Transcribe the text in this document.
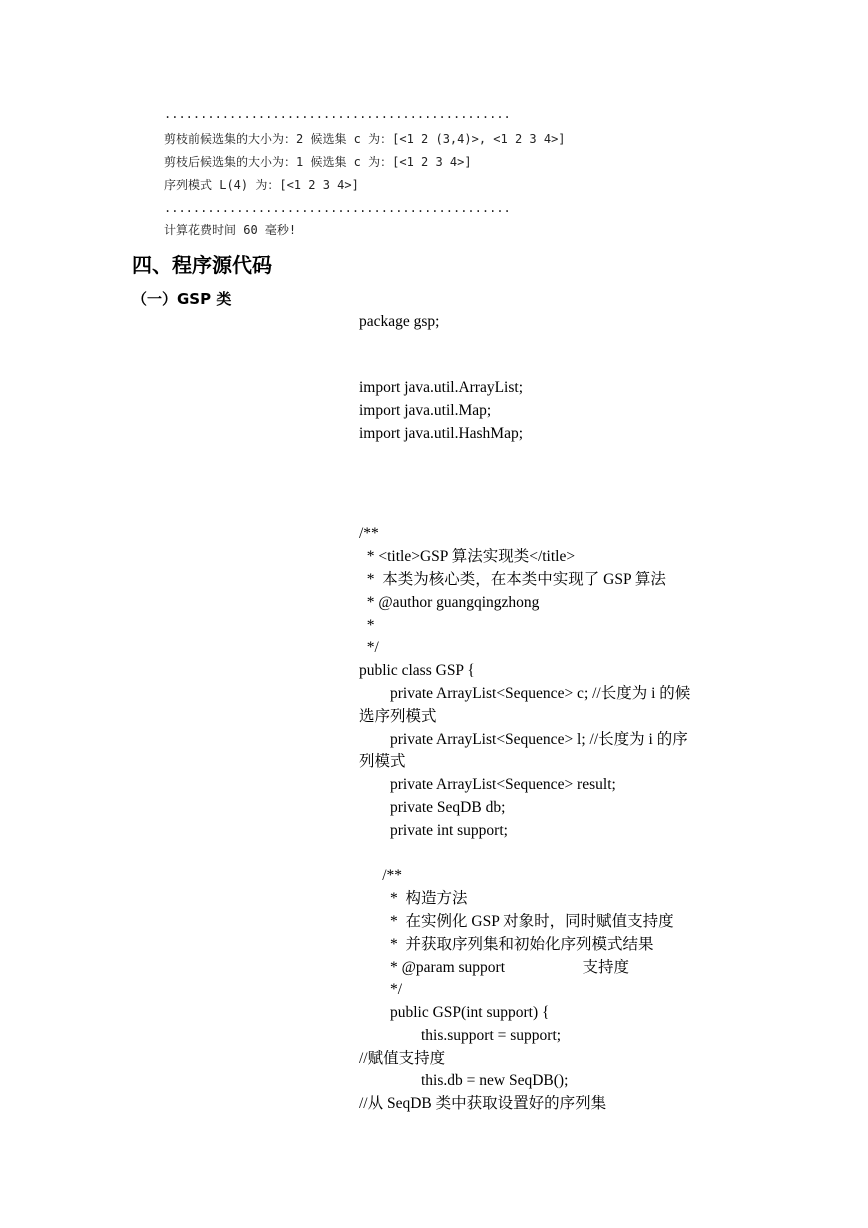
................................................
剪枝前候选集的大小为：2 候选集 c 为：[<1 2 (3,4)>, <1 2 3 4>]
剪枝后候选集的大小为：1 候选集 c 为：[<1 2 3 4>]
序列模式 L(4) 为：[<1 2 3 4>]
................................................
计算花费时间 60 毫秒!
四、程序源代码
（一）GSP 类
package gsp;
import java.util.ArrayList;
import java.util.Map;
import java.util.HashMap;
/**
* <title>GSP 算法实现类</title>
*  本类为核心类，在本类中实现了 GSP 算法
* @author guangqingzhong
*
*/
public class GSP {
private ArrayList<Sequence> c; //长度为 i 的候
选序列模式
private ArrayList<Sequence> l; //长度为 i 的序
列模式
private ArrayList<Sequence> result;
private SeqDB db;
private int support;
/**
*  构造方法
*  在实例化 GSP 对象时，同时赋值支持度
*  并获取序列集和初始化序列模式结果
* @param support                    支持度
*/
public GSP(int support) {
this.support = support;
//赋值支持度
this.db = new SeqDB();
//从 SeqDB 类中获取设置好的序列集
